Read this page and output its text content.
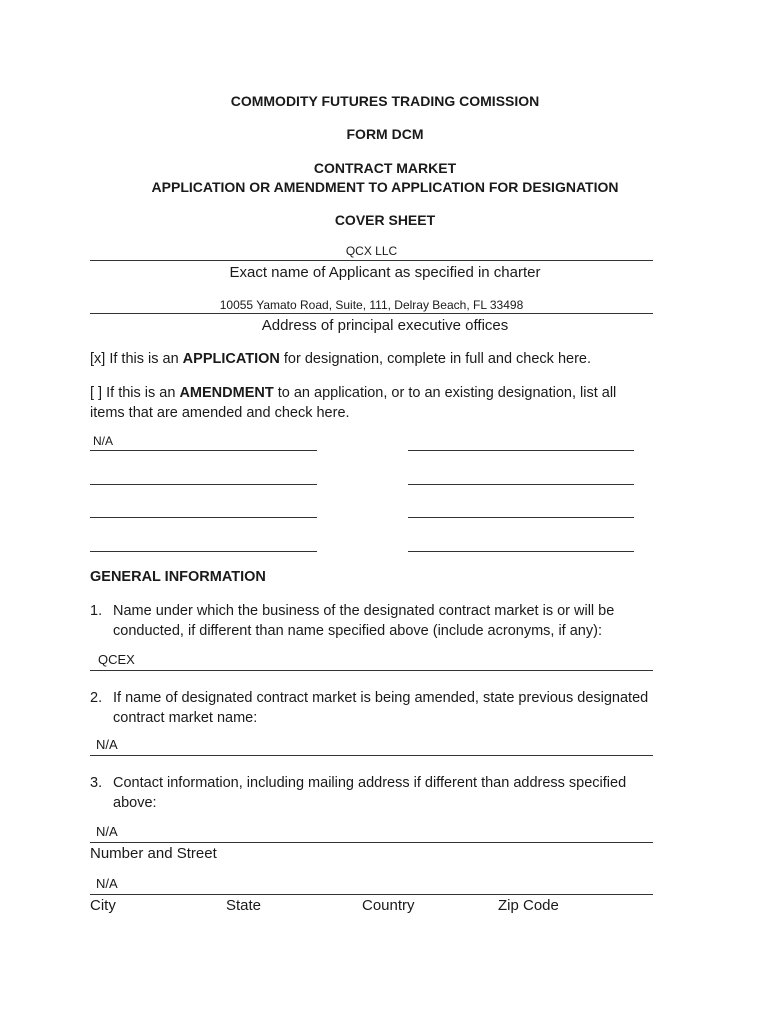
COMMODITY FUTURES TRADING COMISSION
FORM DCM
CONTRACT MARKET
APPLICATION OR AMENDMENT TO APPLICATION FOR DESIGNATION
COVER SHEET
QCX LLC
Exact name of Applicant as specified in charter
10055 Yamato Road, Suite, 111, Delray Beach, FL 33498
Address of principal executive offices
[x] If this is an APPLICATION for designation, complete in full and check here.
[ ] If this is an AMENDMENT to an application, or to an existing designation, list all
items that are amended and check here.
N/A
GENERAL INFORMATION
1. Name under which the business of the designated contract market is or will be
conducted, if different than name specified above (include acronyms, if any):
QCEX
2. If name of designated contract market is being amended, state previous designated
contract market name:
N/A
3. Contact information, including mailing address if different than address specified
above:
N/A
Number and Street
N/A
City	State	Country	Zip Code
